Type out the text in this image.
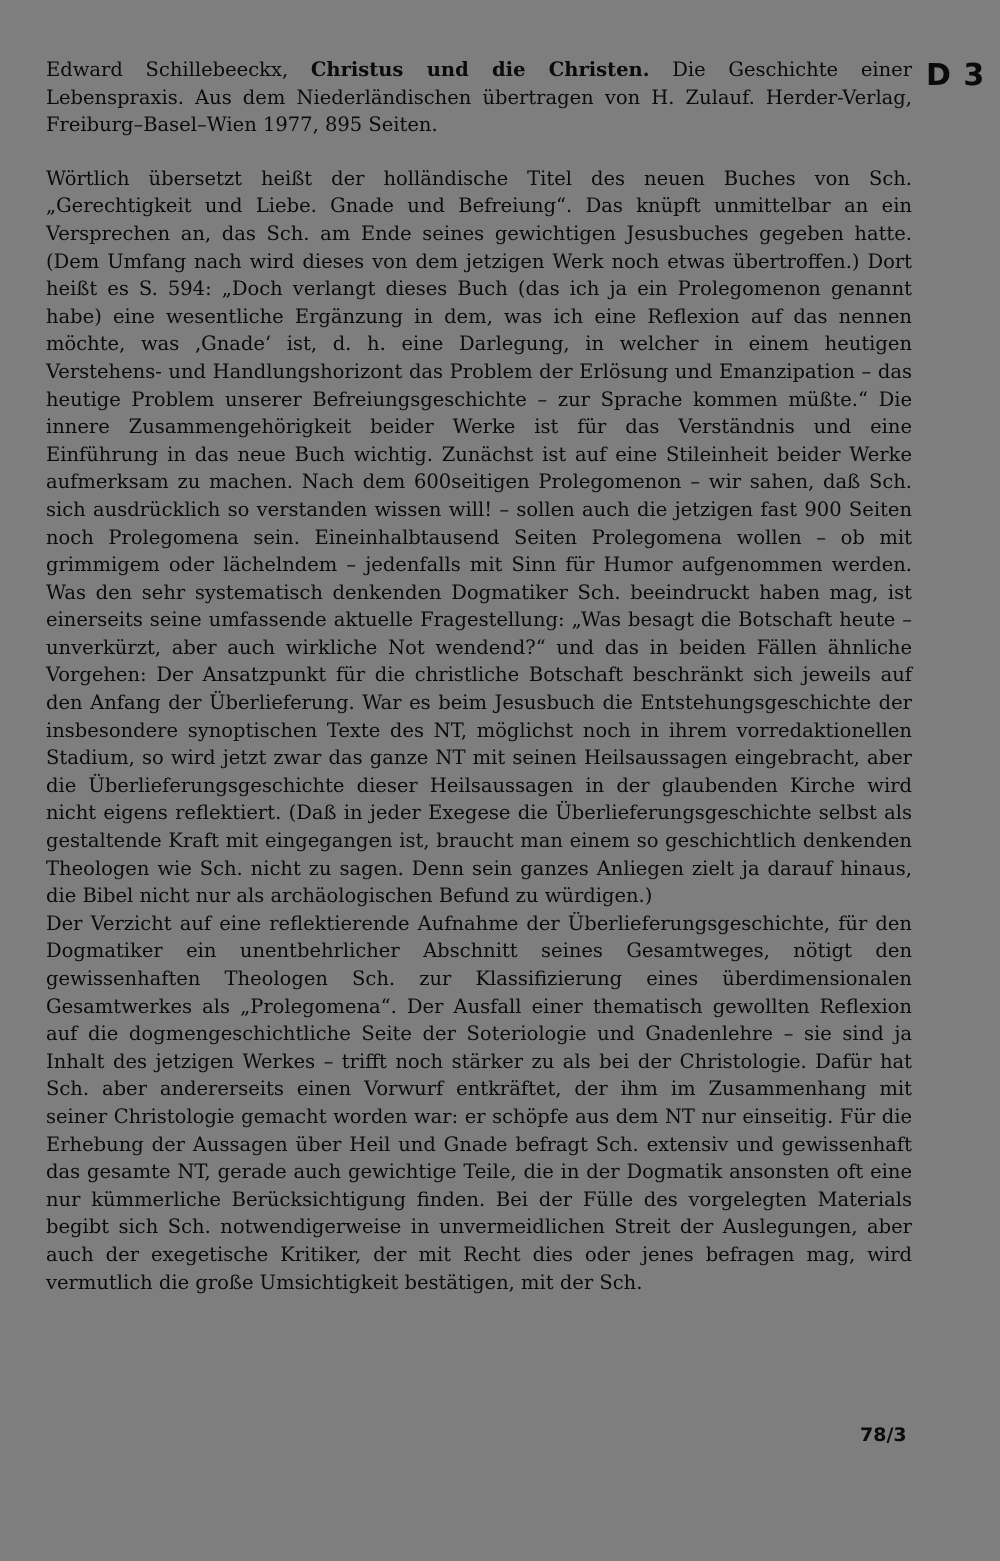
D 3

Edward Schillebeeckx, Christus und die Christen. Die Geschichte einer Lebenspraxis. Aus dem Niederländischen übertragen von H. Zulauf. Herder-Verlag, Freiburg–Basel–Wien 1977, 895 Seiten.

Wörtlich übersetzt heißt der holländische Titel des neuen Buches von Sch. „Gerechtigkeit und Liebe. Gnade und Befreiung“. Das knüpft unmittelbar an ein Versprechen an, das Sch. am Ende seines gewichtigen Jesusbuches gegeben hatte. (Dem Umfang nach wird dieses von dem jetzigen Werk noch etwas übertroffen.) Dort heißt es S. 594: „Doch verlangt dieses Buch (das ich ja ein Prolegomenon genannt habe) eine wesentliche Ergänzung in dem, was ich eine Reflexion auf das nennen möchte, was ‚Gnade‘ ist, d. h. eine Darlegung, in welcher in einem heutigen Verstehens- und Handlungshorizont das Problem der Erlösung und Emanzipation – das heutige Problem unserer Befreiungsgeschichte – zur Sprache kommen müßte.“ Die innere Zusammengehörigkeit beider Werke ist für das Verständnis und eine Einführung in das neue Buch wichtig. Zunächst ist auf eine Stileinheit beider Werke aufmerksam zu machen. Nach dem 600seitigen Prolegomenon – wir sahen, daß Sch. sich ausdrücklich so verstanden wissen will! – sollen auch die jetzigen fast 900 Seiten noch Prolegomena sein. Eineinhalbtausend Seiten Prolegomena wollen – ob mit grimmigem oder lächelndem – jedenfalls mit Sinn für Humor aufgenommen werden. Was den sehr systematisch denkenden Dogmatiker Sch. beeindruckt haben mag, ist einerseits seine umfassende aktuelle Fragestellung: „Was besagt die Botschaft heute – unverkürzt, aber auch wirkliche Not wendend?“ und das in beiden Fällen ähnliche Vorgehen: Der Ansatzpunkt für die christliche Botschaft beschränkt sich jeweils auf den Anfang der Überlieferung. War es beim Jesusbuch die Entstehungsgeschichte der insbesondere synoptischen Texte des NT, möglichst noch in ihrem vorredaktionellen Stadium, so wird jetzt zwar das ganze NT mit seinen Heilsaussagen eingebracht, aber die Überlieferungsgeschichte dieser Heilsaussagen in der glaubenden Kirche wird nicht eigens reflektiert. (Daß in jeder Exegese die Überlieferungsgeschichte selbst als gestaltende Kraft mit eingegangen ist, braucht man einem so geschichtlich denkenden Theologen wie Sch. nicht zu sagen. Denn sein ganzes Anliegen zielt ja darauf hinaus, die Bibel nicht nur als archäologischen Befund zu würdigen.)

Der Verzicht auf eine reflektierende Aufnahme der Überlieferungsgeschichte, für den Dogmatiker ein unentbehrlicher Abschnitt seines Gesamtweges, nötigt den gewissenhaften Theologen Sch. zur Klassifizierung eines überdimensionalen Gesamtwerkes als „Prolegomena“. Der Ausfall einer thematisch gewollten Reflexion auf die dogmengeschichtliche Seite der Soteriologie und Gnadenlehre – sie sind ja Inhalt des jetzigen Werkes – trifft noch stärker zu als bei der Christologie. Dafür hat Sch. aber andererseits einen Vorwurf entkräftet, der ihm im Zusammenhang mit seiner Christologie gemacht worden war: er schöpfe aus dem NT nur einseitig. Für die Erhebung der Aussagen über Heil und Gnade befragt Sch. extensiv und gewissenhaft das gesamte NT, gerade auch gewichtige Teile, die in der Dogmatik ansonsten oft eine nur kümmerliche Berücksichtigung finden. Bei der Fülle des vorgelegten Materials begibt sich Sch. notwendigerweise in unvermeidlichen Streit der Auslegungen, aber auch der exegetische Kritiker, der mit Recht dies oder jenes befragen mag, wird vermutlich die große Umsichtigkeit bestätigen, mit der Sch.

78/3
